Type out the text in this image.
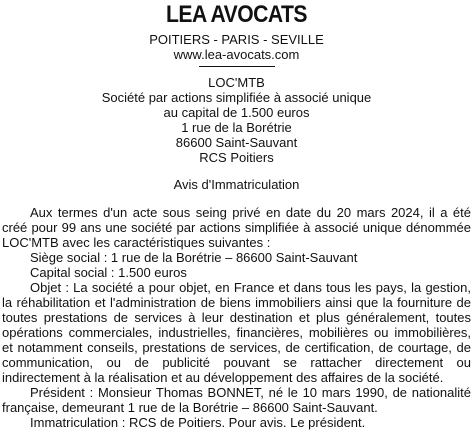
LEA AVOCATS

POITIERS - PARIS - SEVILLE

www.lea-avocats.com

LOC'MTB

Société par actions simplifiée à associé unique

au capital de 1.500 euros

1 rue de la Borétrie

86600 Saint-Sauvant

RCS Poitiers

Avis d'Immatriculation

Aux termes d'un acte sous seing privé en date du 20 mars 2024, il a été créé pour 99 ans une société par actions simplifiée à associé unique dénommée LOC'MTB avec les caractéristiques suivantes :

Siège social : 1 rue de la Borétrie – 86600 Saint-Sauvant

Capital social : 1.500 euros

Objet : La société a pour objet, en France et dans tous les pays, la gestion, la réhabilitation et l'administration de biens immobiliers ainsi que la fourniture de toutes prestations de services à leur destination et plus généralement, toutes opérations commerciales, industrielles, financières, mobilières ou immobilières, et notamment conseils, prestations de services, de certification, de courtage, de communication, ou de publicité pouvant se rattacher directement ou indirectement à la réalisation et au développement des affaires de la société.

Président : Monsieur Thomas BONNET, né le 10 mars 1990, de nationalité française, demeurant 1 rue de la Borétrie – 86600 Saint-Sauvant.

Immatriculation : RCS de Poitiers. Pour avis. Le président.
